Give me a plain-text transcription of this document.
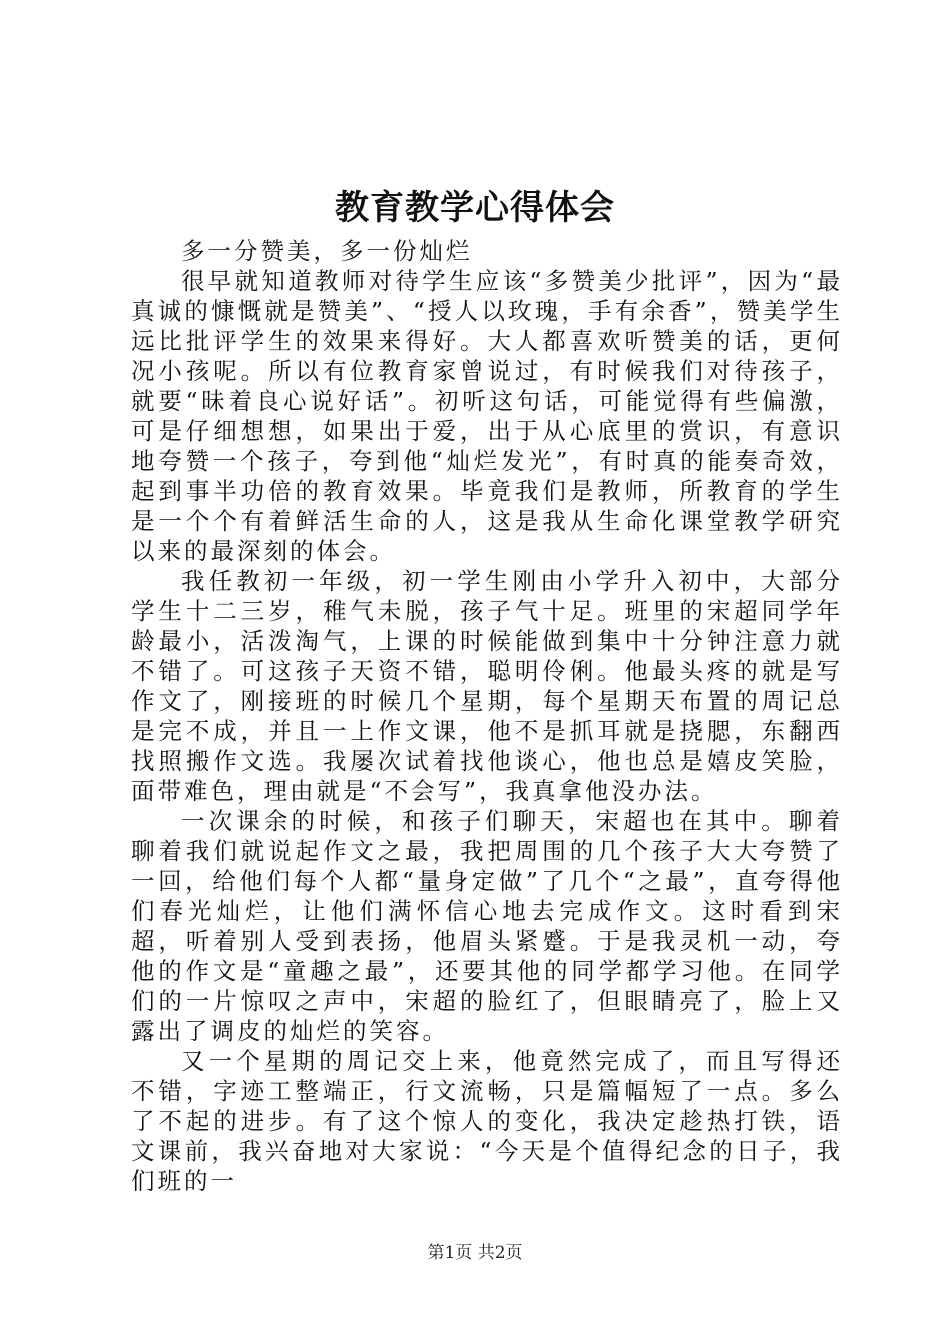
教育教学心得体会
多一分赞美，多一份灿烂

很早就知道教师对待学生应该“多赞美少批评”，因为“最真诚的慷慨就是赞美”、“授人以玫瑰，手有余香”，赞美学生远比批评学生的效果来得好。大人都喜欢听赞美的话，更何况小孩呢。所以有位教育家曾说过，有时候我们对待孩子，就要“昧着良心说好话”。初听这句话，可能觉得有些偏激，可是仔细想想，如果出于爱，出于从心底里的赏识，有意识地夸赞一个孩子，夸到他“灿烂发光”，有时真的能奏奇效，起到事半功倍的教育效果。毕竟我们是教师，所教育的学生是一个个有着鲜活生命的人，这是我从生命化课堂教学研究以来的最深刻的体会。

我任教初一年级，初一学生刚由小学升入初中，大部分学生十二三岁，稚气未脱，孩子气十足。班里的宋超同学年龄最小，活泼淘气，上课的时候能做到集中十分钟注意力就不错了。可这孩子天资不错，聪明伶俐。他最头疼的就是写作文了，刚接班的时候几个星期，每个星期天布置的周记总是完不成，并且一上作文课，他不是抓耳就是挠腮，东翻西找照搬作文选。我屡次试着找他谈心，他也总是嬉皮笑脸，面带难色，理由就是“不会写”，我真拿他没办法。

一次课余的时候，和孩子们聊天，宋超也在其中。聊着聊着我们就说起作文之最，我把周围的几个孩子大大夸赞了一回，给他们每个人都“量身定做”了几个“之最”，直夸得他们春光灿烂，让他们满怀信心地去完成作文。这时看到宋超，听着别人受到表扬，他眉头紧蹙。于是我灵机一动，夸他的作文是“童趣之最”，还要其他的同学都学习他。在同学们的一片惊叹之声中，宋超的脸红了，但眼睛亮了，脸上又露出了调皮的灿烂的笑容。

又一个星期的周记交上来，他竟然完成了，而且写得还不错，字迹工整端正，行文流畅，只是篇幅短了一点。多么了不起的进步。有了这个惊人的变化，我决定趁热打铁，语文课前，我兴奋地对大家说：“今天是个值得纪念的日子，我们班的一

第1页 共2页
